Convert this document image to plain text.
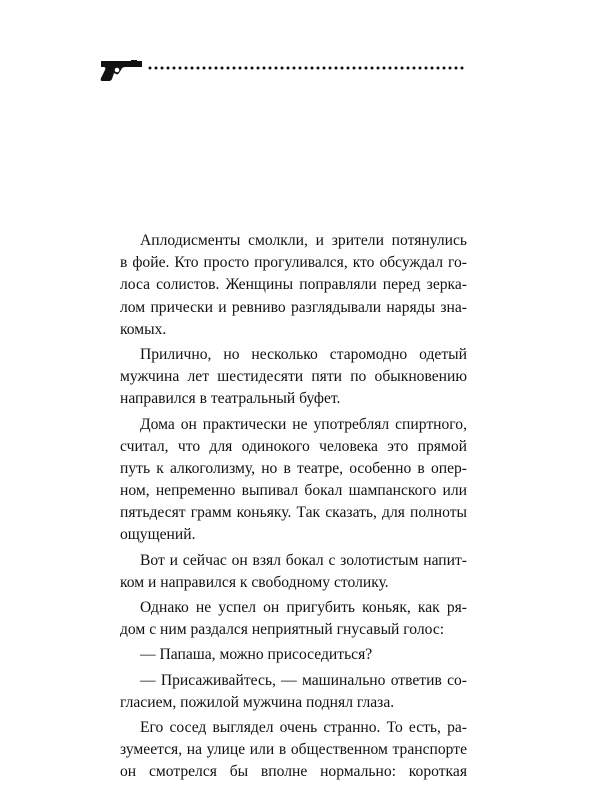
Аплодисменты смолкли, и зрители потянулись
в фойе. Кто просто прогуливался, кто обсуждал го-
лоса солистов. Женщины поправляли перед зерка-
лом прически и ревниво разглядывали наряды зна-
комых.
Прилично, но несколько старомодно одетый
мужчина лет шестидесяти пяти по обыкновению
направился в театральный буфет.
Дома он практически не употреблял спиртного,
считал, что для одинокого человека это прямой
путь к алкоголизму, но в театре, особенно в опер-
ном, непременно выпивал бокал шампанского или
пятьдесят грамм коньяку. Так сказать, для полноты
ощущений.
Вот и сейчас он взял бокал с золотистым напит-
ком и направился к свободному столику.
Однако не успел он пригубить коньяк, как ря-
дом с ним раздался неприятный гнусавый голос:
— Папаша, можно присоседиться?
— Присаживайтесь, — машинально ответив со-
гласием, пожилой мужчина поднял глаза.
Его сосед выглядел очень странно. То есть, ра-
зумеется, на улице или в общественном транспорте
он смотрелся бы вполне нормально: короткая
